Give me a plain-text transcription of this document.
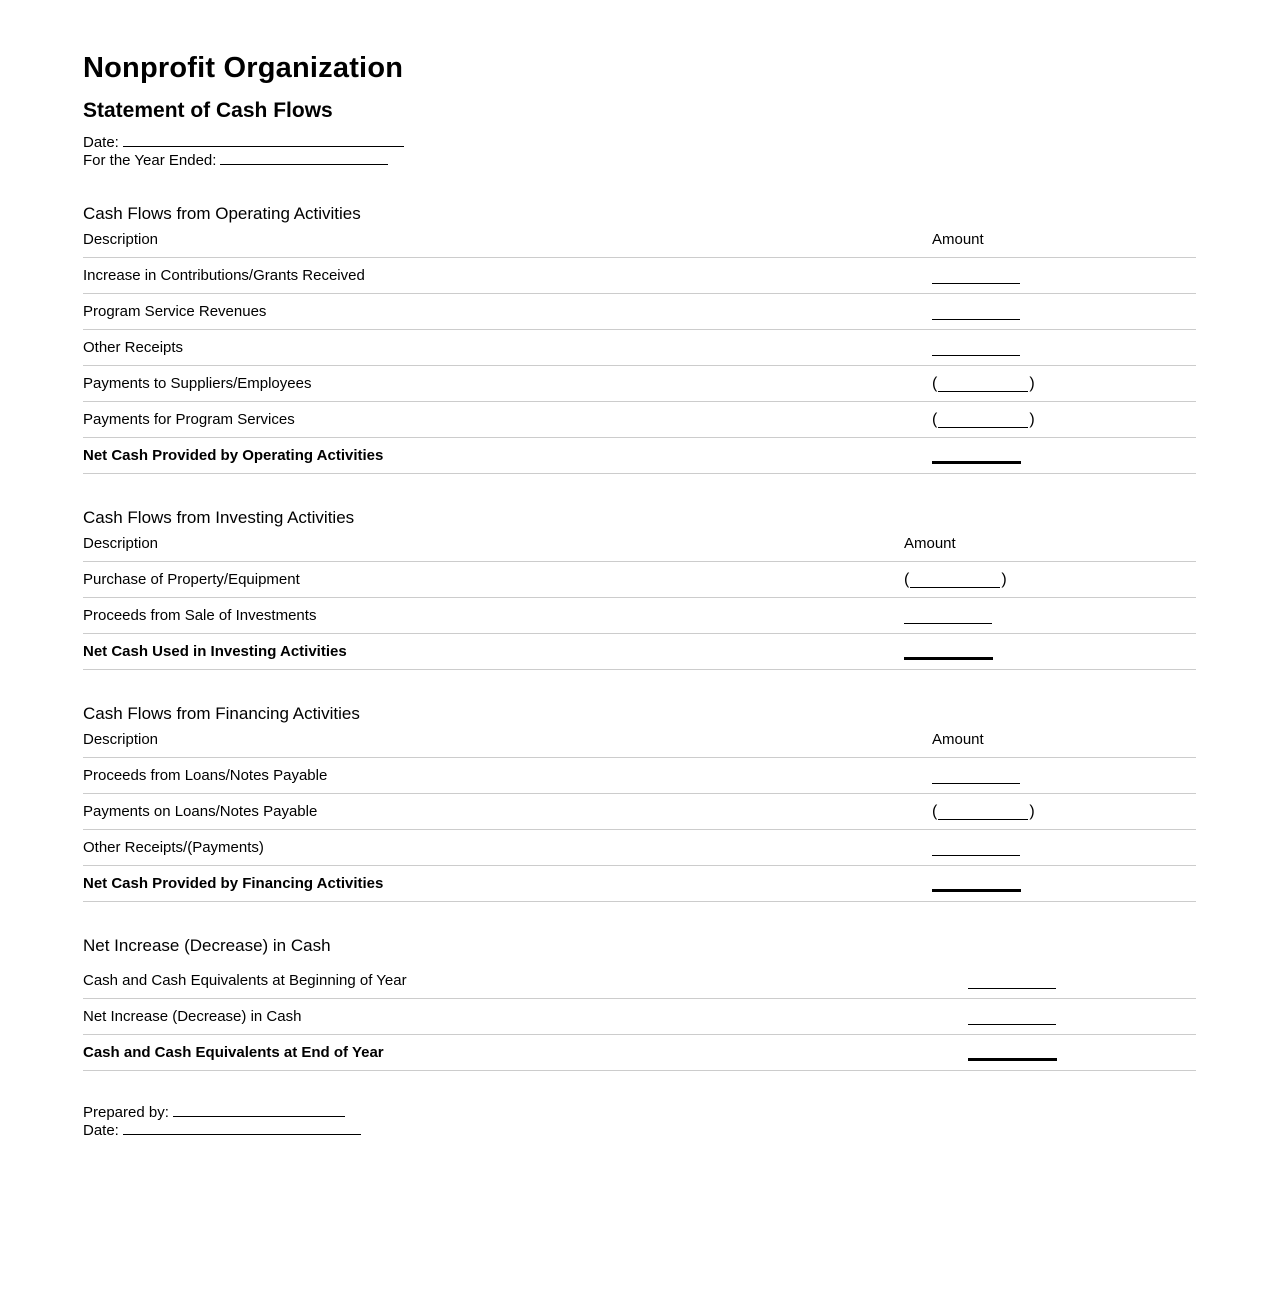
Nonprofit Organization
Statement of Cash Flows
Date:
For the Year Ended:
Cash Flows from Operating Activities
Description	Amount
Increase in Contributions/Grants Received
Program Service Revenues
Other Receipts
Payments to Suppliers/Employees	(	)
Payments for Program Services	(	)
Net Cash Provided by Operating Activities
Cash Flows from Investing Activities
Description	Amount
Purchase of Property/Equipment	(	)
Proceeds from Sale of Investments
Net Cash Used in Investing Activities
Cash Flows from Financing Activities
Description	Amount
Proceeds from Loans/Notes Payable
Payments on Loans/Notes Payable	(	)
Other Receipts/(Payments)
Net Cash Provided by Financing Activities
Net Increase (Decrease) in Cash
Cash and Cash Equivalents at Beginning of Year
Net Increase (Decrease) in Cash
Cash and Cash Equivalents at End of Year
Prepared by:
Date:
